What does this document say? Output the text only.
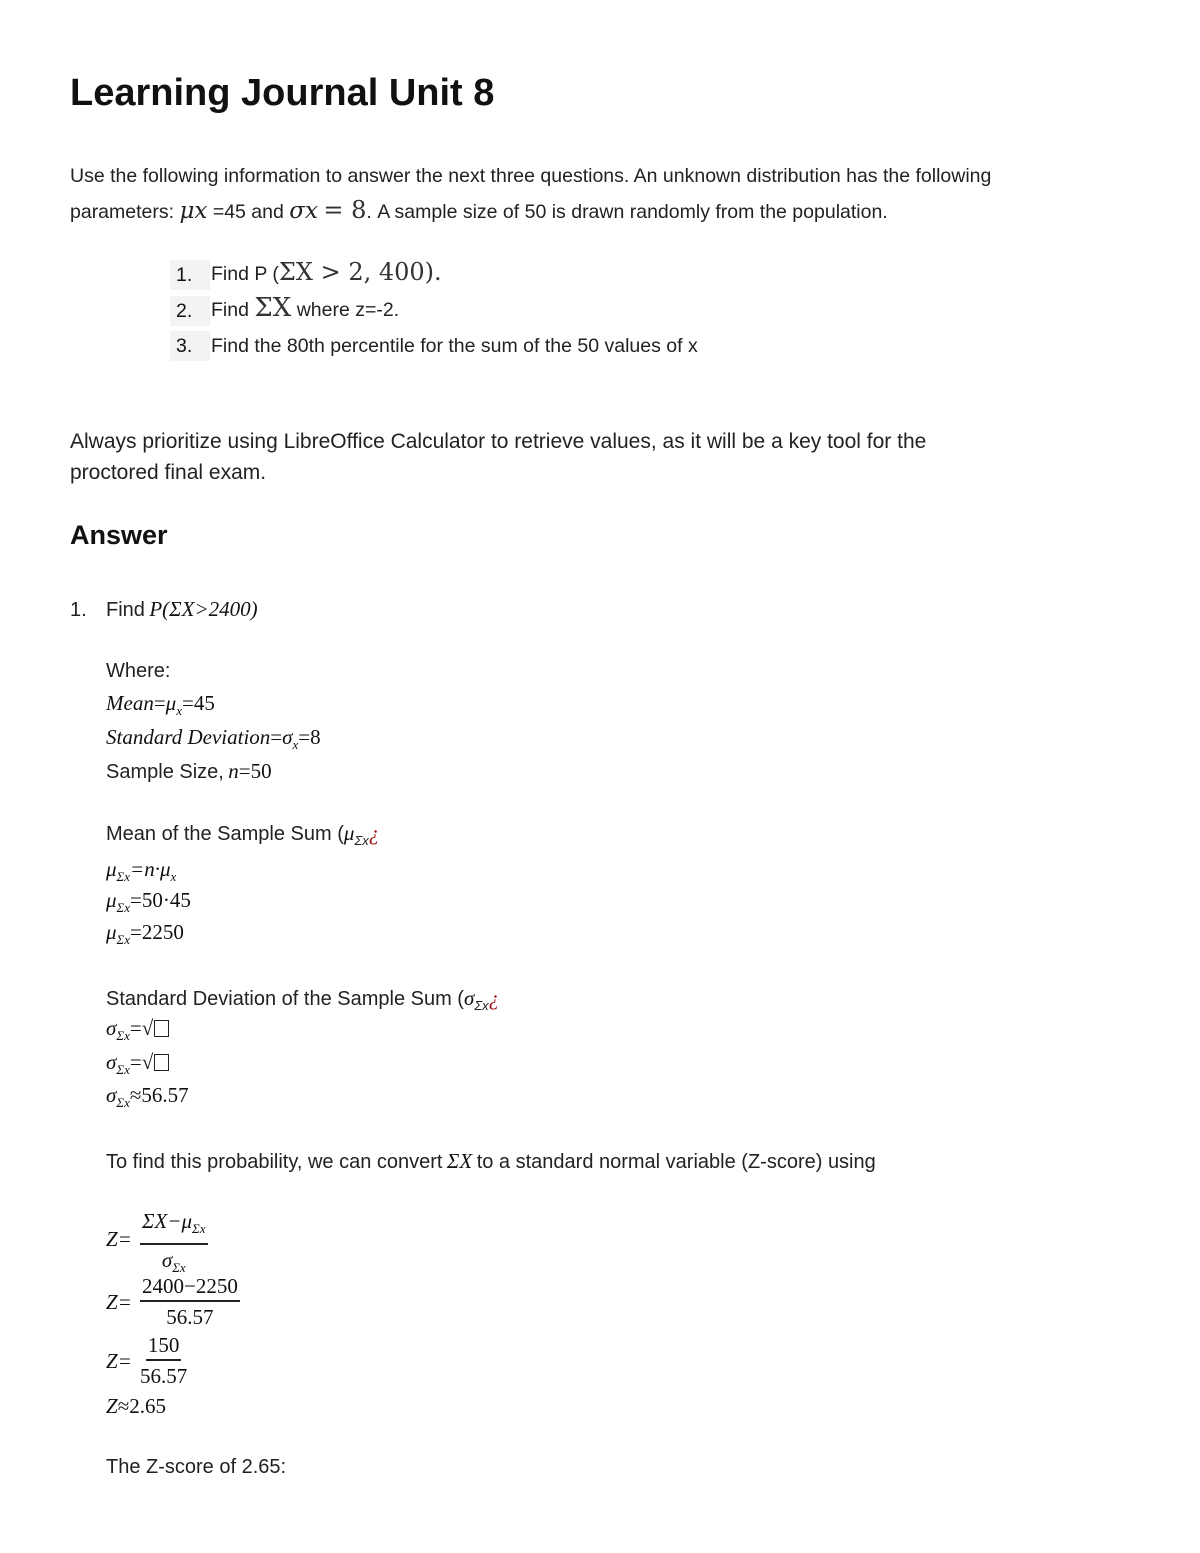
Learning Journal Unit 8
Use the following information to answer the next three questions. An unknown distribution has the following
parameters: μ𝑥 =45 and σ𝑥 = 8. A sample size of 50 is drawn randomly from the population.
1. Find P (ΣX > 2, 400).
2. Find ΣX where z=-2.
3. Find the 80th percentile for the sum of the 50 values of x
Always prioritize using LibreOffice Calculator to retrieve values, as it will be a key tool for the
proctored final exam.
Answer
1. Find P(ΣX>2400)
Where:
$Mean=\mu_x=45$
Standard $Deviation=\sigma_x=8$
Sample Size, n=50
Mean of the Sample Sum ($\mu_{\Sigma x}¿$
$\mu_{\Sigma x}=n\cdot\mu_x$
$\mu_{\Sigma x}=50\cdot 45$
$\mu_{\Sigma x}=2250$
Standard Deviation of the Sample Sum ($\sigma_{\Sigma x}¿$
$\sigma_{\Sigma x}=√$
$\sigma_{\Sigma x}=√$
$\sigma_{\Sigma x}\approx 56.57$
To find this probability, we can convert ΣX to a standard normal variable (Z-score) using
Z=
$\Sigma X-\mu_{\Sigma x}$
$\sigma_{\Sigma x}$
$Z= \frac{2400-2250}{56.57}$
$Z= \frac{150}{56.57}$
Z≈2.65
The Z-score of 2.65:
